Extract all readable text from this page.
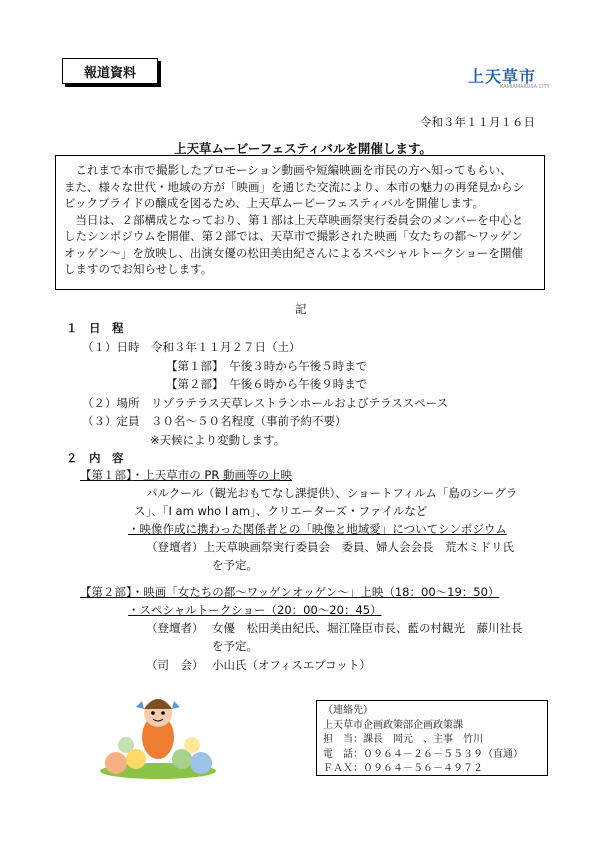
報道資料	上天草市
KAMIAMAKUSA CITY
令和３年１１月１６日
上天草ムービーフェスティバルを開催します。

　これまで本市で撮影したプロモーション動画や短編映画を市民の方へ知ってもらい、

また、様々な世代・地域の方が「映画」を通じた交流により、本市の魅力の再発見からシ

ビックプライドの醸成を図るため、上天草ムービーフェスティバルを開催します。

　当日は、２部構成となっており、第１部は上天草映画祭実行委員会のメンバーを中心と

したシンポジウムを開催、第２部では、天草市で撮影された映画「女たちの都～ワッゲン

オッゲン～」を放映し、出演女優の松田美由紀さんによるスペシャルトークショーを開催

しますのでお知らせします。

記
１　日　程
（１）日時　令和３年１１月２７日（土）
【第１部】　午後３時から午後５時まで
【第２部】　午後６時から午後９時まで
（２）場所　リゾラテラス天草レストランホールおよびテラススペース
（３）定員　３０名～５０名程度（事前予約不要）
※天候により変動します。
２　内　容
【第１部】・上天草市の PR 動画等の上映
パルクール（観光おもてなし課提供）、ショートフィルム「島のシーグラ
ス」、「I am who I am」、クリエーターズ・ファイルなど
・映像作成に携わった関係者との「映像と地域愛」についてシンポジウム
（登壇者）上天草映画祭実行委員会　委員、婦人会会長　荒木ミドリ氏
を予定。
【第２部】・映画「女たちの都～ワッゲンオッゲン～」上映（18：00～19：50）
・スペシャルトークショー（20：00～20：45）
（登壇者） 女優　松田美由紀氏、堀江隆臣市長、藍の村観光　藤川社長
を予定。
（司　会） 小山氏（オフィスエプコット）
（連絡先）
上天草市企画政策部企画政策課
担　当：課長　岡元　、主事　竹川
電　話：０９６４－２６－５５３９（直通）
ＦＡＸ：０９６４－５６－４９７２
